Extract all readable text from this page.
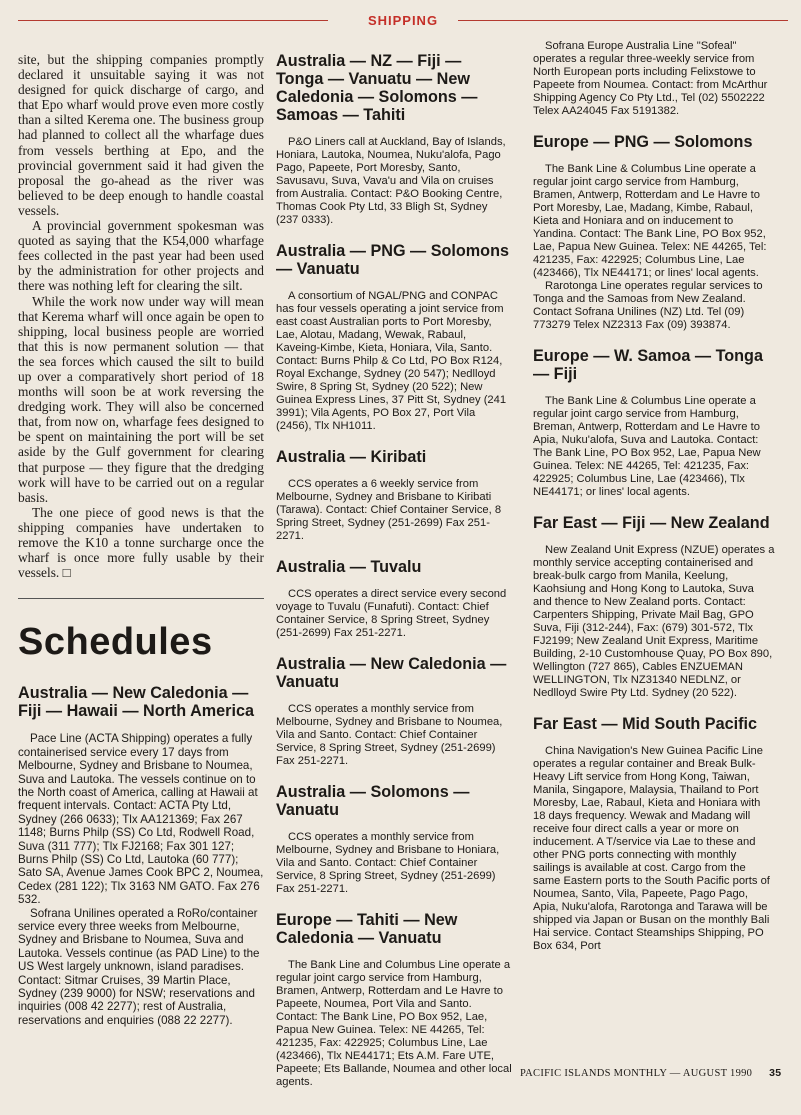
SHIPPING

site, but the shipping companies promptly declared it unsuitable saying it was not designed for quick discharge of cargo, and that Epo wharf would prove even more costly than a silted Kerema one. The business group had planned to collect all the wharfage dues from vessels berthing at Epo, and the provincial government said it had given the proposal the go-ahead as the river was believed to be deep enough to handle coastal vessels.

A provincial government spokesman was quoted as saying that the K54,000 wharfage fees collected in the past year had been used by the administration for other projects and there was nothing left for clearing the silt.

While the work now under way will mean that Kerema wharf will once again be open to shipping, local business people are worried that this is now permanent solution — that the sea forces which caused the silt to build up over a comparatively short period of 18 months will soon be at work reversing the dredging work. They will also be concerned that, from now on, wharfage fees designed to be spent on maintaining the port will be set aside by the Gulf government for clearing that purpose — they figure that the dredging work will have to be carried out on a regular basis.

The one piece of good news is that the shipping companies have undertaken to remove the K10 a tonne surcharge once the wharf is once more fully usable by their vessels. □

Schedules
Australia — New Caledonia — Fiji — Hawaii — North America

Pace Line (ACTA Shipping) operates a fully containerised service every 17 days from Melbourne, Sydney and Brisbane to Noumea, Suva and Lautoka. The vessels continue on to the North coast of America, calling at Hawaii at frequent intervals. Contact: ACTA Pty Ltd, Sydney (266 0633); Tlx AA121369; Fax 267 1148; Burns Philp (SS) Co Ltd, Rodwell Road, Suva (311 777); Tlx FJ2168; Fax 301 127; Burns Philp (SS) Co Ltd, Lautoka (60 777); Sato SA, Avenue James Cook BPC 2, Noumea, Cedex (281 122); Tlx 3163 NM GATO. Fax 276 532.

Sofrana Unilines operated a RoRo/container service every three weeks from Melbourne, Sydney and Brisbane to Noumea, Suva and Lautoka. Vessels continue (as PAD Line) to the US West largely unknown, island paradises. Contact: Sitmar Cruises, 39 Martin Place, Sydney (239 9000) for NSW; reservations and inquiries (008 42 2277); rest of Australia, reservations and enquiries (088 22 2277).

Australia — NZ — Fiji — Tonga — Vanuatu — New Caledonia — Solomons — Samoas — Tahiti

P&O Liners call at Auckland, Bay of Islands, Honiara, Lautoka, Noumea, Nuku'alofa, Pago Pago, Papeete, Port Moresby, Santo, Savusavu, Suva, Vava'u and Vila on cruises from Australia. Contact: P&O Booking Centre, Thomas Cook Pty Ltd, 33 Bligh St, Sydney (237 0333).

Australia — PNG — Solomons — Vanuatu

A consortium of NGAL/PNG and CONPAC has four vessels operating a joint service from east coast Australian ports to Port Moresby, Lae, Alotau, Madang, Wewak, Rabaul, Kaveing-Kimbe, Kieta, Honiara, Vila, Santo. Contact: Burns Philp & Co Ltd, PO Box R124, Royal Exchange, Sydney (20 547); Nedlloyd Swire, 8 Spring St, Sydney (20 522); New Guinea Express Lines, 37 Pitt St, Sydney (241 3991); Vila Agents, PO Box 27, Port Vila (2456), Tlx NH1011.

Australia — Kiribati

CCS operates a 6 weekly service from Melbourne, Sydney and Brisbane to Kiribati (Tarawa). Contact: Chief Container Service, 8 Spring Street, Sydney (251-2699) Fax 251-2271.

Australia — Tuvalu

CCS operates a direct service every second voyage to Tuvalu (Funafuti). Contact: Chief Container Service, 8 Spring Street, Sydney (251-2699) Fax 251-2271.

Australia — New Caledonia — Vanuatu

CCS operates a monthly service from Melbourne, Sydney and Brisbane to Noumea, Vila and Santo. Contact: Chief Container Service, 8 Spring Street, Sydney (251-2699) Fax 251-2271.

Australia — Solomons — Vanuatu

CCS operates a monthly service from Melbourne, Sydney and Brisbane to Honiara, Vila and Santo. Contact: Chief Container Service, 8 Spring Street, Sydney (251-2699) Fax 251-2271.

Europe — Tahiti — New Caledonia — Vanuatu

The Bank Line and Columbus Line operate a regular joint cargo service from Hamburg, Bramen, Antwerp, Rotterdam and Le Havre to Papeete, Noumea, Port Vila and Santo. Contact: The Bank Line, PO Box 952, Lae, Papua New Guinea. Telex: NE 44265, Tel: 421235, Fax: 422925; Columbus Line, Lae (423466), Tlx NE44171; Ets A.M. Fare UTE, Papeete; Ets Ballande, Noumea and other local agents.

Sofrana Europe Australia Line "Sofeal" operates a regular three-weekly service from North European ports including Felixstowe to Papeete from Noumea. Contact: from McArthur Shipping Agency Co Pty Ltd., Tel (02) 5502222 Telex AA24045 Fax 5191382.

Europe — PNG — Solomons

The Bank Line & Columbus Line operate a regular joint cargo service from Hamburg, Bramen, Antwerp, Rotterdam and Le Havre to Port Moresby, Lae, Madang, Kimbe, Rabaul, Kieta and Honiara and on inducement to Yandina. Contact: The Bank Line, PO Box 952, Lae, Papua New Guinea. Telex: NE 44265, Tel: 421235, Fax: 422925; Columbus Line, Lae (423466), Tlx NE44171; or lines' local agents.

Rarotonga Line operates regular services to Tonga and the Samoas from New Zealand. Contact Sofrana Unilines (NZ) Ltd. Tel (09) 773279 Telex NZ2313 Fax (09) 393874.

Europe — W. Samoa — Tonga — Fiji

The Bank Line & Columbus Line operate a regular joint cargo service from Hamburg, Breman, Antwerp, Rotterdam and Le Havre to Apia, Nuku'alofa, Suva and Lautoka. Contact: The Bank Line, PO Box 952, Lae, Papua New Guinea. Telex: NE 44265, Tel: 421235, Fax: 422925; Columbus Line, Lae (423466), Tlx NE44171; or lines' local agents.

Far East — Fiji — New Zealand

New Zealand Unit Express (NZUE) operates a monthly service accepting containerised and break-bulk cargo from Manila, Keelung, Kaohsiung and Hong Kong to Lautoka, Suva and thence to New Zealand ports. Contact: Carpenters Shipping, Private Mail Bag, GPO Suva, Fiji (312-244), Fax: (679) 301-572, Tlx FJ2199; New Zealand Unit Express, Maritime Building, 2-10 Customhouse Quay, PO Box 890, Wellington (727 865), Cables ENZUEMAN WELLINGTON, Tlx NZ31340 NEDLNZ, or Nedlloyd Swire Pty Ltd. Sydney (20 522).

Far East — Mid South Pacific

China Navigation's New Guinea Pacific Line operates a regular container and Break Bulk-Heavy Lift service from Hong Kong, Taiwan, Manila, Singapore, Malaysia, Thailand to Port Moresby, Lae, Rabaul, Kieta and Honiara with 18 days frequency. Wewak and Madang will receive four direct calls a year or more on inducement. A T/service via Lae to these and other PNG ports connecting with monthly sailings is available at cost. Cargo from the same Eastern ports to the South Pacific ports of Noumea, Santo, Vila, Papeete, Pago Pago, Apia, Nuku'alofa, Rarotonga and Tarawa will be shipped via Japan or Busan on the monthly Bali Hai service. Contact Steamships Shipping, PO Box 634, Port

PACIFIC ISLANDS MONTHLY — AUGUST 1990 35
